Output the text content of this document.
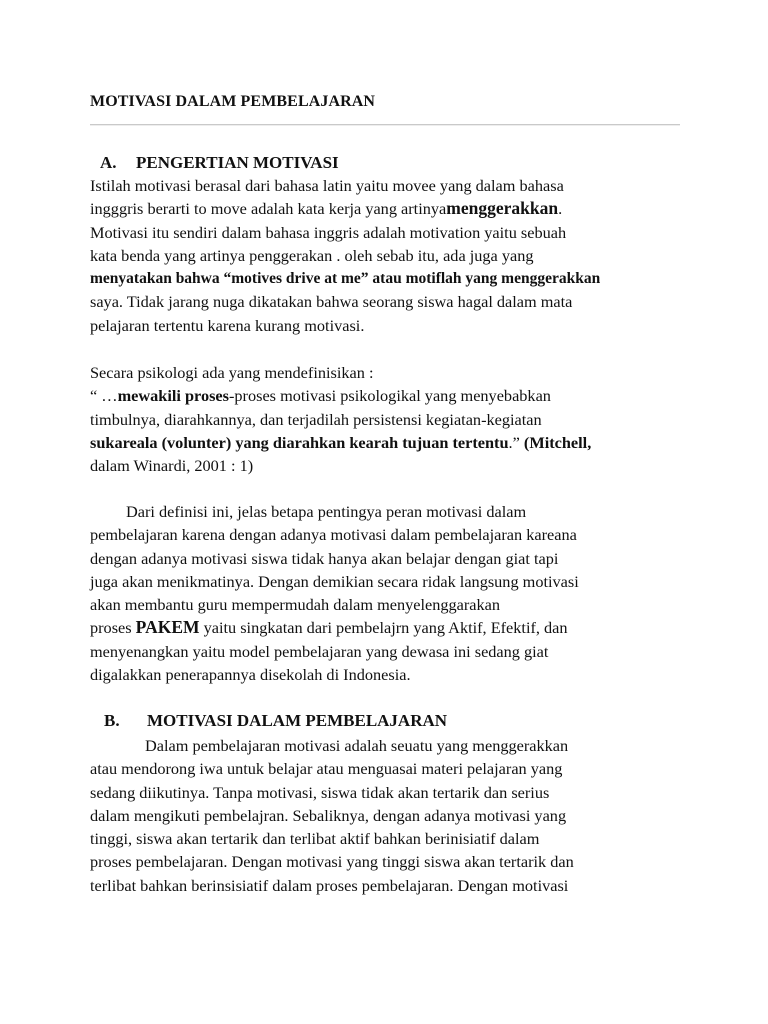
MOTIVASI DALAM PEMBELAJARAN
A. PENGERTIAN MOTIVASI
Istilah motivasi berasal dari bahasa latin yaitu movee yang dalam bahasa
ingggris berarti to move adalah kata kerja yang artinyamenggerakkan.
Motivasi itu sendiri dalam bahasa inggris adalah motivation yaitu sebuah
kata benda yang artinya penggerakan . oleh sebab itu, ada juga yang
menyatakan bahwa “motives drive at me” atau motiflah yang menggerakkan
saya. Tidak jarang nuga dikatakan bahwa seorang siswa hagal dalam mata
pelajaran tertentu karena kurang motivasi.
Secara psikologi ada yang mendefinisikan :
“ …mewakili proses-proses motivasi psikologikal yang menyebabkan
timbulnya, diarahkannya, dan terjadilah persistensi kegiatan-kegiatan
sukareala (volunter) yang diarahkan kearah tujuan tertentu.” (Mitchell,
dalam Winardi, 2001 : 1)
Dari definisi ini, jelas betapa pentingya peran motivasi dalam
pembelajaran karena dengan adanya motivasi dalam pembelajaran kareana
dengan adanya motivasi siswa tidak hanya akan belajar dengan giat tapi
juga akan menikmatinya. Dengan demikian secara ridak langsung motivasi
akan membantu guru mempermudah dalam menyelenggarakan
proses PAKEM yaitu singkatan dari pembelajrn yang Aktif, Efektif, dan
menyenangkan yaitu model pembelajaran yang dewasa ini sedang giat
digalakkan penerapannya disekolah di Indonesia.
B. MOTIVASI DALAM PEMBELAJARAN
Dalam pembelajaran motivasi adalah seuatu yang menggerakkan
atau mendorong iwa untuk belajar atau menguasai materi pelajaran yang
sedang diikutinya. Tanpa motivasi, siswa tidak akan tertarik dan serius
dalam mengikuti pembelajran. Sebaliknya, dengan adanya motivasi yang
tinggi, siswa akan tertarik dan terlibat aktif bahkan berinisiatif dalam
proses pembelajaran. Dengan motivasi yang tinggi siswa akan tertarik dan
terlibat bahkan berinsisiatif dalam proses pembelajaran. Dengan motivasi
